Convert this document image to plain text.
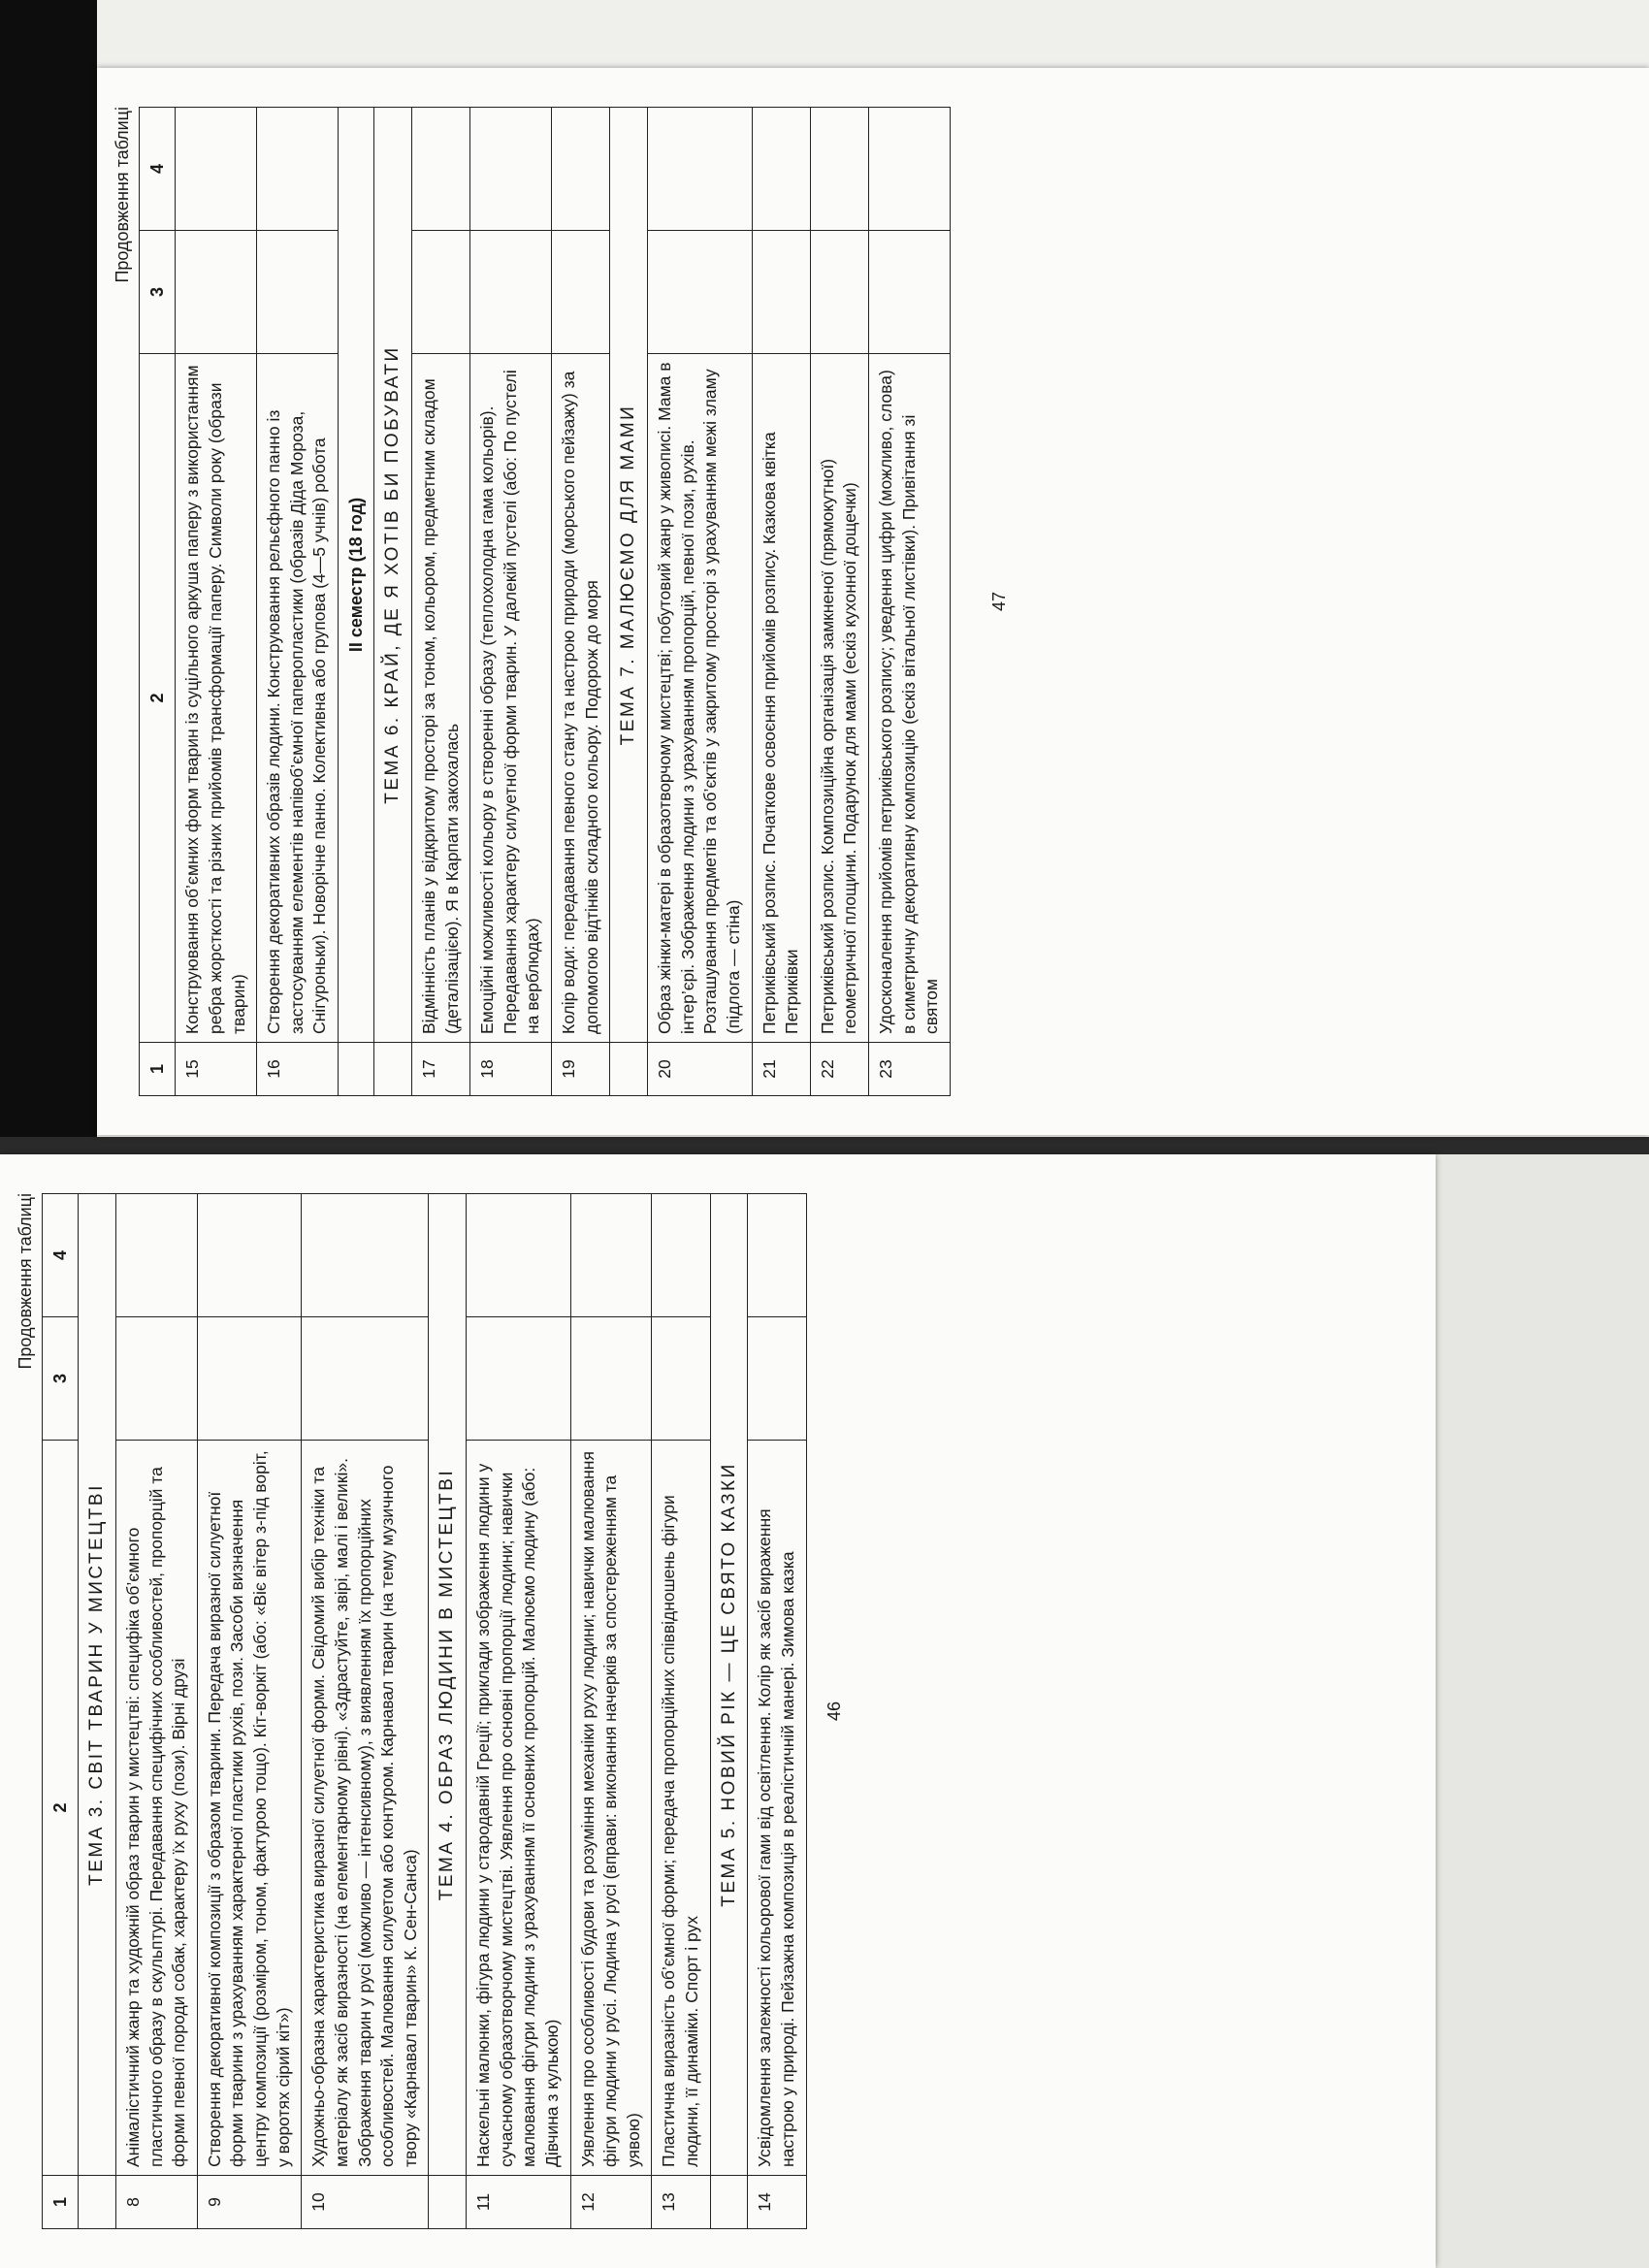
Продовження таблиці
1	2	3	4
	ТЕМА 3. СВІТ ТВАРИН У МИСТЕЦТВІ		
8	Анімалістичний жанр та художній образ тварин у мистецтві: специфіка об’ємного пластичного образу в скульптурі. Передавання специфічних особливостей, пропорцій та форми певної породи собак, характеру їх руху (пози). Вірні друзі		
9	Створення декоративної композиції з образом тварини. Передача виразної силуетної форми тварини з урахуванням характерної пластики рухів, пози. Засоби визначення центру композиції (розміром, тоном, фактурою тощо). Кіт-воркіт (або: «Віє вітер з-під воріт, у воротях сірий кіт»)		
10	Художньо-образна характеристика виразної силуетної форми. Свідомий вибір техніки та матеріалу як засіб виразності (на елементарному рівні). «Здрастуйте, звірі, малі і великі». Зображення тварин у русі (можливо — інтенсивному), з виявленням їх пропорційних особливостей. Малювання силуетом або контуром. Карнавал тварин (на тему музичного твору «Карнавал тварин» К. Сен-Санса)		
	ТЕМА 4. ОБРАЗ ЛЮДИНИ В МИСТЕЦТВІ		
11	Наскельні малюнки, фігура людини у стародавній Греції; приклади зображення людини у сучасному образотворчому мистецтві. Уявлення про основні пропорції людини; навички малювання фігури людини з урахуванням її основних пропорцій. Малюємо людину (або: Дівчина з кулькою)		
12	Уявлення про особливості будови та розуміння механіки руху людини; навички малювання фігури людини у русі. Людина у русі (вправи: виконання начерків за спостереженням та уявою)		
13	Пластична виразність об’ємної форми; передача пропорційних співвідношень фігури людини, її динаміки. Спорт і рух		
	ТЕМА 5. НОВИЙ РІК — ЦЕ СВЯТО КАЗКИ		
14	Усвідомлення залежності кольорової гами від освітлення. Колір як засіб вираження настрою у природі. Пейзажна композиція в реалістичній манері. Зимова казка		46
Продовження таблиці
1	2	3	4
15	Конструювання об’ємних форм тварин із суцільного аркуша паперу з використанням ребра жорсткості та різних прийомів трансформації паперу. Символи року (образи тварин)		
16	Створення декоративних образів людини. Конструювання рельєфного панно із застосуванням елементів напівоб’ємної паперопластики (образів Діда Мороза, Снігуроньки). Новорічне панно. Колективна або групова (4—5 учнів) робота		
	ІІ семестр (18 год)		
	ТЕМА 6. КРАЙ, ДЕ Я ХОТІВ БИ ПОБУВАТИ		
17	Відмінність планів у відкритому просторі за тоном, кольором, предметним складом (деталізацією). Я в Карпати закохалась		
18	Емоційні можливості кольору в створенні образу (теплохолодна гама кольорів). Передавання характеру силуетної форми тварин. У далекій пустелі (або: По пустелі на верблюдах)		
19	Колір води: передавання певного стану та настрою природи (морського пейзажу) за допомогою відтінків складного кольору. Подорож до моря		
	ТЕМА 7. МАЛЮЄМО ДЛЯ МАМИ		
20	Образ жінки-матері в образотворчому мистецтві; побутовий жанр у живописі. Мама в інтер’єрі. Зображення людини з урахуванням пропорцій, певної пози, рухів. Розташування предметів та об’єктів у закритому просторі з урахуванням межі зламу (підлога — стіна)		
21	Петриківський розпис. Початкове освоєння прийомів розпису. Казкова квітка Петриківки		
22	Петриківський розпис. Композиційна організація замкненої (прямокутної) геометричної площини. Подарунок для мами (ескіз кухонної дощечки)		
23	Удосконалення прийомів петриківського розпису; уведення цифри (можливо, слова) в симетричну декоративну композицію (ескіз вітальної листівки). Привітання зі святом		
47
